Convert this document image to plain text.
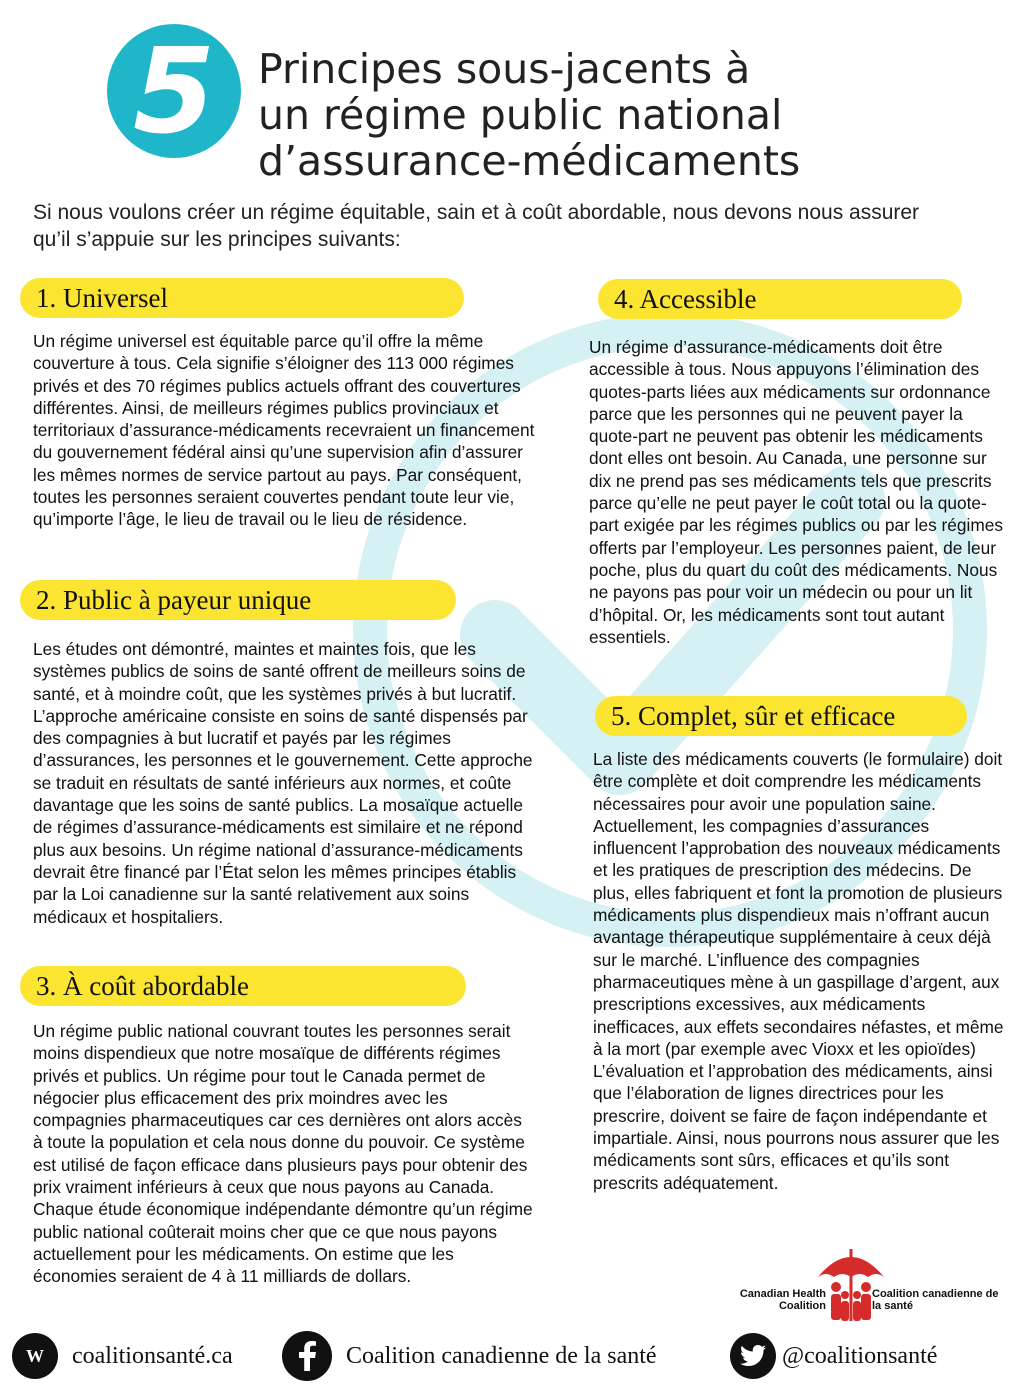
5	Principes sous-jacents à
un régime public national
d’assurance-médicaments

Si nous voulons créer un régime équitable, sain et à coût abordable, nous devons nous assurer qu’il s’appuie sur les principes suivants:

1. Universel

Un régime universel est équitable parce qu’il offre la même couverture à tous. Cela signifie s’éloigner des 113 000 régimes privés et des 70 régimes publics actuels offrant des couvertures différentes. Ainsi, de meilleurs régimes publics provinciaux et territoriaux d’assurance-médicaments recevraient un financement du gouvernement fédéral ainsi qu’une supervision afin d’assurer les mêmes normes de service partout au pays. Par conséquent, toutes les personnes seraient couvertes pendant toute leur vie, qu’importe l’âge, le lieu de travail ou le lieu de résidence.

2. Public à payeur unique

Les études ont démontré, maintes et maintes fois, que les systèmes publics de soins de santé offrent de meilleurs soins de santé, et à moindre coût, que les systèmes privés à but lucratif. L’approche américaine consiste en soins de santé dispensés par des compagnies à but lucratif et payés par les régimes d’assurances, les personnes et le gouvernement. Cette approche se traduit en résultats de santé inférieurs aux normes, et coûte davantage que les soins de santé publics. La mosaïque actuelle de régimes d’assurance-médicaments est similaire et ne répond plus aux besoins. Un régime national d’assurance-médicaments devrait être financé par l’État selon les mêmes principes établis par la Loi canadienne sur la santé relativement aux soins médicaux et hospitaliers.

3. À coût abordable

Un régime public national couvrant toutes les personnes serait moins dispendieux que notre mosaïque de différents régimes privés et publics. Un régime pour tout le Canada permet de négocier plus efficacement des prix moindres avec les compagnies pharmaceutiques car ces dernières ont alors accès à toute la population et cela nous donne du pouvoir. Ce système est utilisé de façon efficace dans plusieurs pays pour obtenir des prix vraiment inférieurs à ceux que nous payons au Canada. Chaque étude économique indépendante démontre qu’un régime public national coûterait moins cher que ce que nous payons actuellement pour les médicaments. On estime que les économies seraient de 4 à 11 milliards de dollars.

4. Accessible

Un régime d’assurance-médicaments doit être accessible à tous. Nous appuyons l’élimination des quotes-parts liées aux médicaments sur ordonnance parce que les personnes qui ne peuvent payer la quote-part ne peuvent pas obtenir les médicaments dont elles ont besoin. Au Canada, une personne sur dix ne prend pas ses médicaments tels que prescrits parce qu’elle ne peut payer le coût total ou la quote-part exigée par les régimes publics ou par les régimes offerts par l’employeur. Les personnes paient, de leur poche, plus du quart du coût des médicaments. Nous ne payons pas pour voir un médecin ou pour un lit d’hôpital. Or, les médicaments sont tout autant essentiels.

5. Complet, sûr et efficace

La liste des médicaments couverts (le formulaire) doit être complète et doit comprendre les médicaments nécessaires pour avoir une population saine. Actuellement, les compagnies d’assurances influencent l’approbation des nouveaux médicaments et les pratiques de prescription des médecins. De plus, elles fabriquent et font la promotion de plusieurs médicaments plus dispendieux mais n’offrant aucun avantage thérapeutique supplémentaire à ceux déjà sur le marché. L’influence des compagnies pharmaceutiques mène à un gaspillage d’argent, aux prescriptions excessives, aux médicaments inefficaces, aux effets secondaires néfastes, et même à la mort (par exemple avec Vioxx et les opioïdes) L’évaluation et l’approbation des médicaments, ainsi que l’élaboration de lignes directrices pour les prescrire, doivent se faire de façon indépendante et impartiale. Ainsi, nous pourrons nous assurer que les médicaments sont sûrs, efficaces et qu’ils sont prescrits adéquatement.

Canadian Health Coalition
Coalition canadienne de la santé
W	coalitionsanté.ca	Coalition canadienne de la santé	@coalitionsanté
